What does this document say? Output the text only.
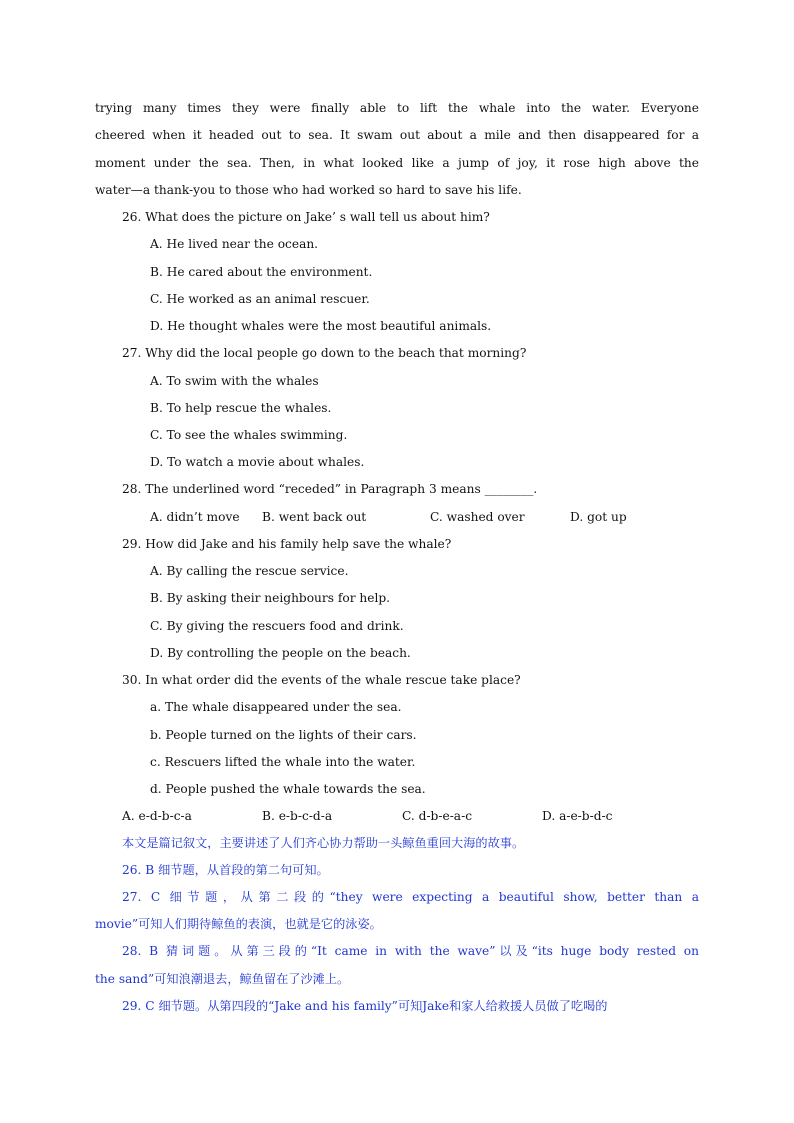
trying many times they were finally able to lift the whale into the water. Everyone
cheered when it headed out to sea. It swam out about a mile and then disappeared for a
moment under the sea. Then, in what looked like a jump of joy, it rose high above the
water—a thank-you to those who had worked so hard to save his life.
26. What does the picture on Jake’ s wall tell us about him?
A. He lived near the ocean.
B. He cared about the environment.
C. He worked as an animal rescuer.
D. He thought whales were the most beautiful animals.
27. Why did the local people go down to the beach that morning?
A. To swim with the whales
B. To help rescue the whales.
C. To see the whales swimming.
D. To watch a movie about whales.
28. The underlined word “receded” in Paragraph 3 means ________.
A. didn’t move B. went back out	C. washed over	D. got up
29. How did Jake and his family help save the whale?
A. By calling the rescue service.
B. By asking their neighbours for help.
C. By giving the rescuers food and drink.
D. By controlling the people on the beach.
30. In what order did the events of the whale rescue take place?
a. The whale disappeared under the sea.
b. People turned on the lights of their cars.
c. Rescuers lifted the whale into the water.
d. People pushed the whale towards the sea.
A. e-d-b-c-a	B. e-b-c-d-a	C. d-b-e-a-c	D. a-e-b-d-c
本文是篇记叙文，主要讲述了人们齐心协力帮助一头鲸鱼重回大海的故事。
26. B 细节题，从首段的第二句可知。
27. C 细节题，从第二段的“they were expecting a beautiful show, better than a
movie”可知人们期待鲸鱼的表演，也就是它的泳姿。
28. B 猜词题。从第三段的“It came in with the wave”以及“its huge body rested on
the sand”可知浪潮退去，鲸鱼留在了沙滩上。
29. C 细节题。从第四段的“Jake and his family”可知Jake和家人给救援人员做了吃喝的
